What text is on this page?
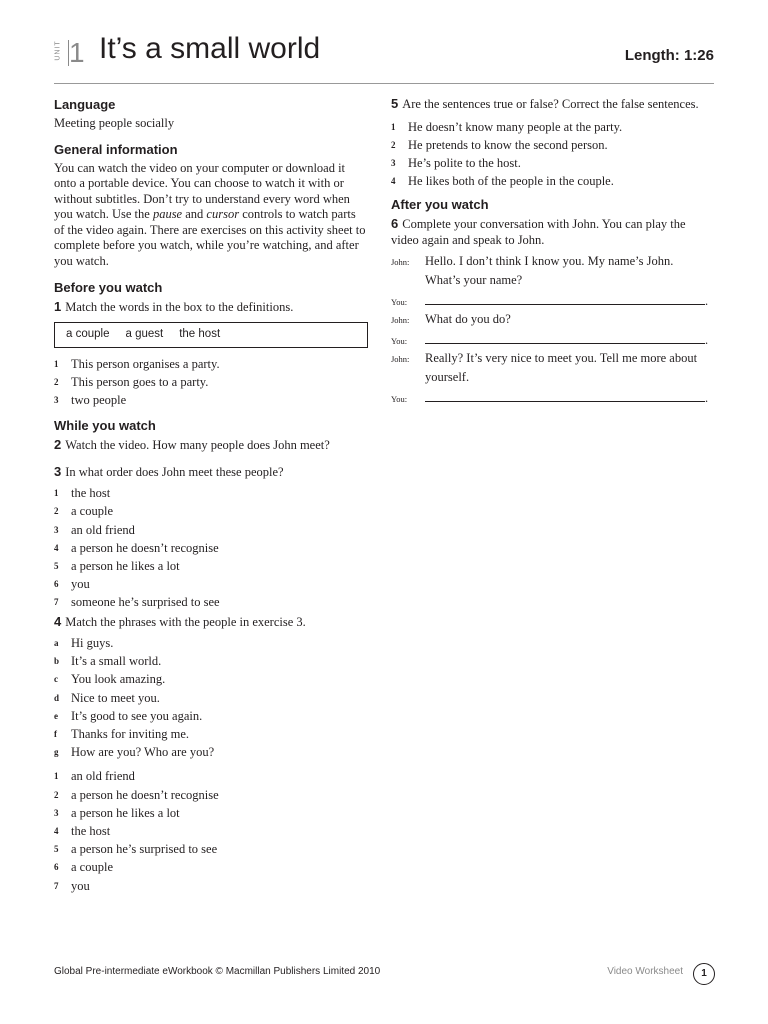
UNIT 1 It’s a small world	Length: 1:26
Language

Meeting people socially

General information

You can watch the video on your computer or download it onto a portable device. You can choose to watch it with or without subtitles. Don’t try to understand every word when you watch. Use the pause and cursor controls to watch parts of the video again. There are exercises on this activity sheet to complete before you watch, while you’re watching, and after you watch.

Before you watch

1 Match the words in the box to the definitions.

a couple a guest the host
1 This person organises a party.
2 This person goes to a party.
3 two people
While you watch

2 Watch the video. How many people does John meet?

3 In what order does John meet these people?

1 the host
2 a couple
3 an old friend
4 a person he doesn’t recognise
5 a person he likes a lot
6 you
7 someone he’s surprised to see

4 Match the phrases with the people in exercise 3.

a Hi guys.
b It’s a small world.
c You look amazing.
d Nice to meet you.
e It’s good to see you again.
f Thanks for inviting me.
g How are you? Who are you?
1 an old friend
2 a person he doesn’t recognise
3 a person he likes a lot
4 the host
5 a person he’s surprised to see
6 a couple
7 you

5 Are the sentences true or false? Correct the false sentences.

1 He doesn’t know many people at the party.
2 He pretends to know the second person.
3 He’s polite to the host.
4 He likes both of the people in the couple.
After you watch

6 Complete your conversation with John. You can play the video again and speak to John.

John: Hello. I don’t think I know you. My name’s John. What’s your name?
You:	.
John: What do you do?
You:	.
John: Really? It’s very nice to meet you. Tell me more about yourself.
You:	.
Global Pre-intermediate eWorkbook © Macmillan Publishers Limited 2010	Video Worksheet	1
